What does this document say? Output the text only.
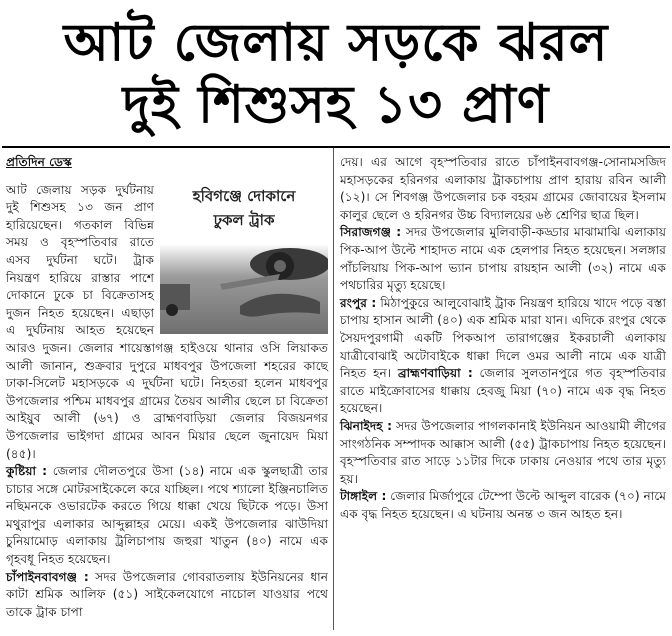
আট জেলায় সড়কে ঝরল
দুই শিশুসহ ১৩ প্রাণ

প্রতিদিন ডেস্ক

হবিগঞ্জে দোকানে
ঢুকল ট্রাক

আট জেলায় সড়ক দুর্ঘটনায় দুই শিশুসহ ১৩ জন প্রাণ হারিয়েছেন। গতকাল বিভিন্ন সময় ও বৃহস্পতিবার রাতে এসব দুর্ঘটনা ঘটে। ট্রাক নিয়ন্ত্রণ হারিয়ে রাস্তার পাশে দোকানে ঢুকে চা বিক্রেতাসহ দুজন নিহত হয়েছেন। এছাড়া এ দুর্ঘটনায় আহত হয়েছেন আরও দুজন। জেলার শায়েস্তাগঞ্জ হাইওয়ে থানার ওসি লিয়াকত আলী জানান, শুক্রবার দুপুরে মাধবপুর উপজেলা শহরের কাছে ঢাকা-সিলেট মহাসড়কে এ দুর্ঘটনা ঘটে। নিহতরা হলেন মাধবপুর উপজেলার পশ্চিম মাধবপুর গ্রামের তৈয়ব আলীর ছেলে চা বিক্রেতা আইয়ুব আলী (৬৭) ও ব্রাহ্মণবাড়িয়া জেলার বিজয়নগর উপজেলার ভাইগদা গ্রামের আবন মিয়ার ছেলে জুনায়েদ মিয়া (৪৫)।

কুষ্টিয়া : জেলার দৌলতপুরে উসা (১৪) নামে এক স্কুলছাত্রী তার চাচার সঙ্গে মোটরসাইকেলে করে যাচ্ছিল। পথে শ্যালো ইঞ্জিনচালিত নছিমনকে ওভারটেক করতে গিয়ে ধাক্কা খেয়ে ছিটকে পড়ে। উসা মথুরাপুর এলাকার আব্দুল্লাহর মেয়ে। একই উপজেলার ঝাউদিয়া চুনিয়ামোড় এলাকায় ট্রলিচাপায় জহুরা খাতুন (৪০) নামে এক গৃহবধূ নিহত হয়েছেন।

চাঁপাইনবাবগঞ্জ : সদর উপজেলার গোবরাতলায় ইউনিয়নের ধান কাটা শ্রমিক আলিফ (৫১) সাইকেলযোগে নাচোল যাওয়ার পথে তাকে ট্রাক চাপা

দেয়। এর আগে বৃহস্পতিবার রাতে চাঁপাইনবাবগঞ্জ-সোনামসজিদ মহাসড়কের হরিনগর এলাকায় ট্রাকচাপায় প্রাণ হারায় রবিন আলী (১২)। সে শিবগঞ্জ উপজেলার চক বহরম গ্রামের জোবায়ের ইসলাম কালুর ছেলে ও হরিনগর উচ্চ বিদ্যালয়ের ৬ষ্ঠ শ্রেণির ছাত্র ছিল।

সিরাজগঞ্জ : সদর উপজেলার মুলিবাড়ী-কড্ডার মাঝামাঝি এলাকায় পিক-আপ উল্টে শাহাদত নামে এক হেলপার নিহত হয়েছেন। সলঙ্গার পাঁচলিয়ায় পিক-আপ ভ্যান চাপায় রায়হান আলী (৩২) নামে এক পথচারির মৃত্যু হয়েছে।

রংপুর : মিঠাপুকুরে আলুবোঝাই ট্রাক নিয়ন্ত্রণ হারিয়ে খাদে পড়ে বস্তা চাপায় হাসান আলী (৪০) এক শ্রমিক মারা যান। এদিকে রংপুর থেকে সৈয়দপুরগামী একটি পিকআপ তারাগঞ্জের ইকরচালী এলাকায় যাত্রীবোঝাই অটোবাইকে ধাক্কা দিলে ওমর আলী নামে এক যাত্রী নিহত হন। ব্রাহ্মণবাড়িয়া : জেলার সুলতানপুরে গত বৃহস্পতিবার রাতে মাইক্রোবাসের ধাক্কায় হেবজু মিয়া (৭০) নামে এক বৃদ্ধ নিহত হয়েছেন।

ঝিনাইদহ : সদর উপজেলার পাগলকানাই ইউনিয়ন আওয়ামী লীগের সাংগঠনিক সম্পাদক আক্কাস আলী (৫৫) ট্রাকচাপায় নিহত হয়েছেন। বৃহস্পতিবার রাত সাড়ে ১১টার দিকে ঢাকায় নেওয়ার পথে তার মৃত্যু হয়।

টাঙ্গাইল : জেলার মির্জাপুরে টেম্পো উল্টে আব্দুল বারেক (৭০) নামে এক বৃদ্ধ নিহত হয়েছেন। এ ঘটনায় অনন্ত ৩ জন আহত হন।
